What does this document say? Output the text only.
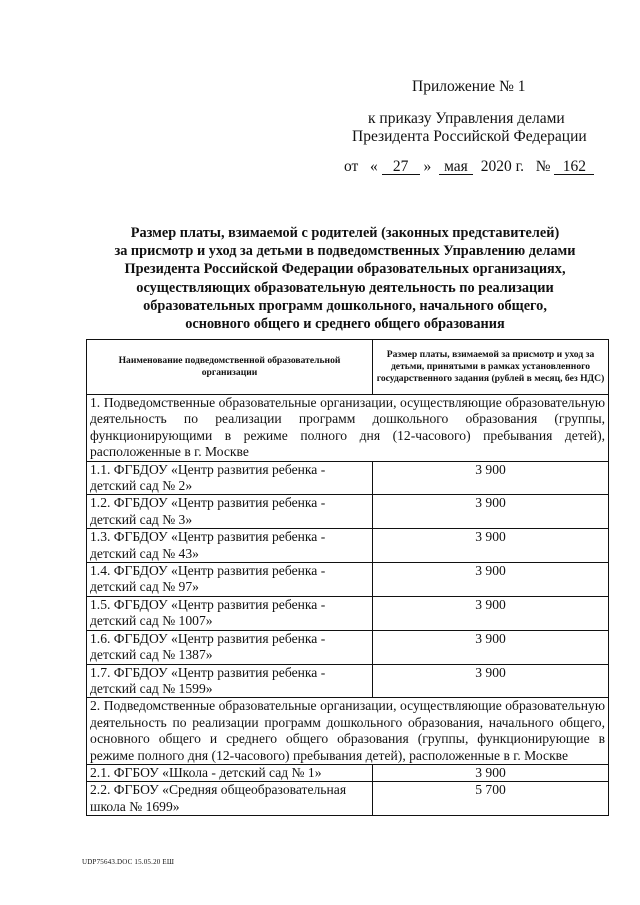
Приложение № 1
к приказу Управления делами
Президента Российской Федерации
от « 27 » мая 2020 г. № 162
Размер платы, взимаемой с родителей (законных представителей)
за присмотр и уход за детьми в подведомственных Управлению делами
Президента Российской Федерации образовательных организациях,
осуществляющих образовательную деятельность по реализации
образовательных программ дошкольного, начального общего,
основного общего и среднего общего образования
Наименование подведомственной образовательной организации	Размер платы, взимаемой за присмотр и уход за детьми, принятыми в рамках установленного государственного задания (рублей в месяц, без НДС)
1. Подведомственные образовательные организации, осуществляющие образовательную деятельность по реализации программ дошкольного образования (группы, функционирующими в режиме полного дня (12-часового) пребывания детей), расположенные в г. Москве	

1.1. ФГБДОУ «Центр развития ребенка -
детский сад № 2»	3 900

1.2. ФГБДОУ «Центр развития ребенка -
детский сад № 3»	3 900

1.3. ФГБДОУ «Центр развития ребенка -
детский сад № 43»	3 900

1.4. ФГБДОУ «Центр развития ребенка -
детский сад № 97»	3 900

1.5. ФГБДОУ «Центр развития ребенка -
детский сад № 1007»	3 900

1.6. ФГБДОУ «Центр развития ребенка -
детский сад № 1387»	3 900

1.7. ФГБДОУ «Центр развития ребенка -
детский сад № 1599»	3 900
2. Подведомственные образовательные организации, осуществляющие образовательную деятельность по реализации программ дошкольного образования, начального общего, основного общего и среднего общего образования (группы, функционирующие в режиме полного дня (12-часового) пребывания детей), расположенные в г. Москве	

2.1. ФГБОУ «Школа - детский сад № 1»	3 900

2.2. ФГБОУ «Средняя общеобразовательная
школа № 1699»	5 700
UDP75643.DOC 15.05.20 ЕШ
